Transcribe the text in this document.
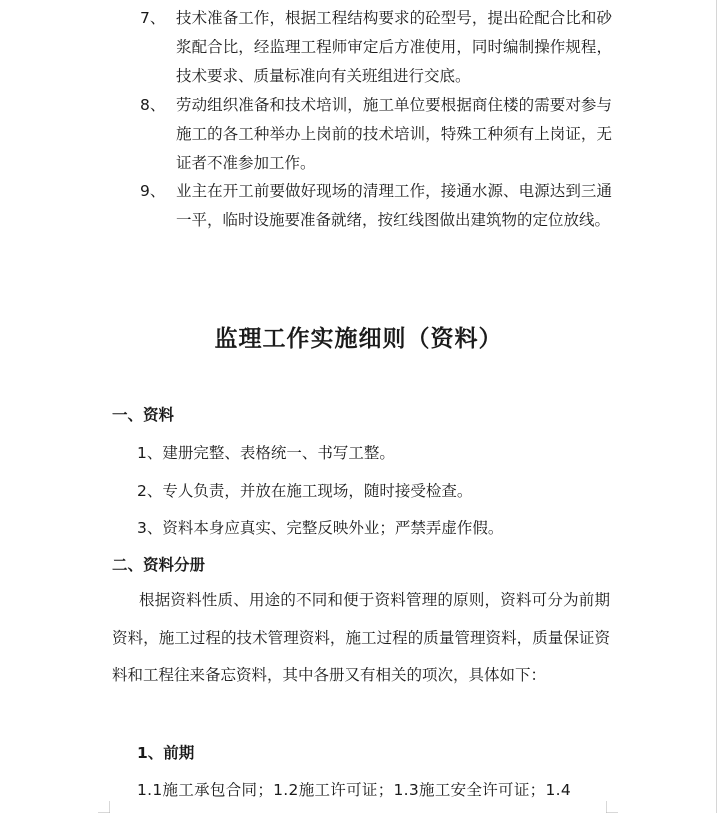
7、 技术准备工作，根据工程结构要求的砼型号，提出砼配合比和砂浆配合比，经监理工程师审定后方准使用，同时编制操作规程，技术要求、质量标准向有关班组进行交底。
8、 劳动组织准备和技术培训，施工单位要根据商住楼的需要对参与施工的各工种举办上岗前的技术培训，特殊工种须有上岗证，无证者不准参加工作。
9、 业主在开工前要做好现场的清理工作，接通水源、电源达到三通一平，临时设施要准备就绪，按红线图做出建筑物的定位放线。
监理工作实施细则（资料）
一、资料
1、建册完整、表格统一、书写工整。
2、专人负责，并放在施工现场，随时接受检查。
3、资料本身应真实、完整反映外业；严禁弄虚作假。
二、资料分册
根据资料性质、用途的不同和便于资料管理的原则，资料可分为前期资料，施工过程的技术管理资料，施工过程的质量管理资料，质量保证资料和工程往来备忘资料，其中各册又有相关的项次，具体如下：
1、前期
1.1施工承包合同；1.2施工许可证；1.3施工安全许可证；1.4
